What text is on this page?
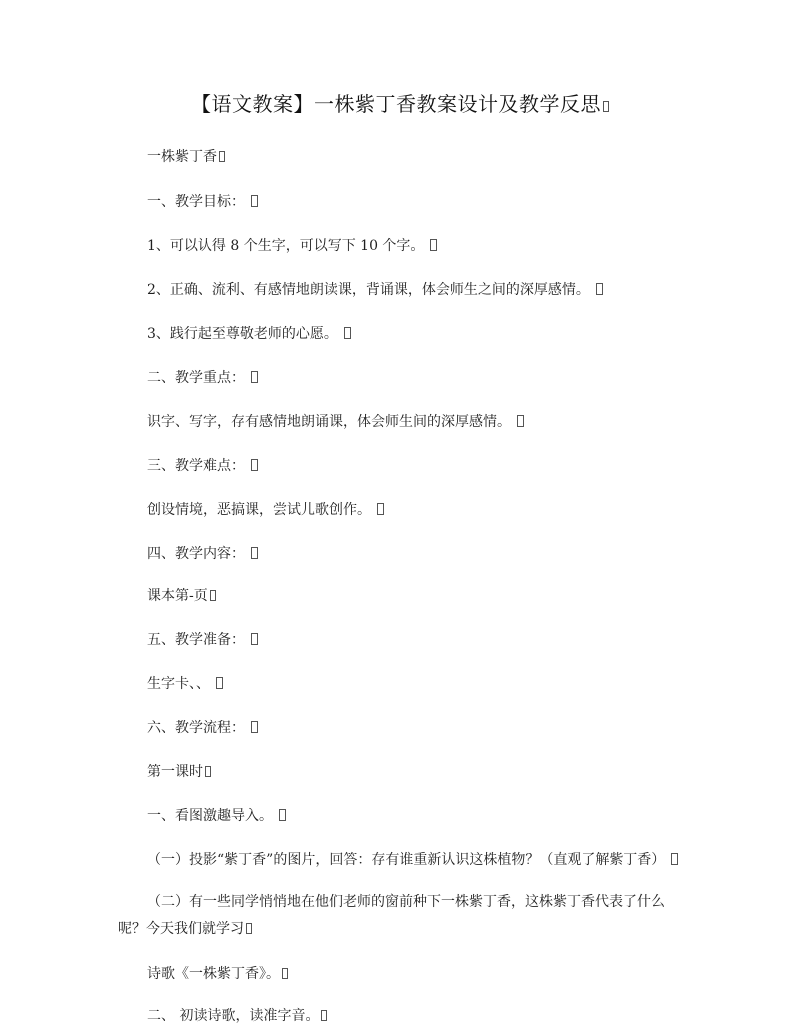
【语文教案】一株紫丁香教案设计及教学反思
一株紫丁香
一、教学目标：
1、可以认得 8 个生字，可以写下 10 个字。
2、正确、流利、有感情地朗读课，背诵课，体会师生之间的深厚感情。
3、践行起至尊敬老师的心愿。
二、教学重点：
识字、写字，存有感情地朗诵课，体会师生间的深厚感情。
三、教学难点：
创设情境，恶搞课，尝试儿歌创作。
四、教学内容：
课本第-页
五、教学准备：
生字卡、、
六、教学流程：
第一课时
一、看图激趣导入。
（一）投影“紫丁香”的图片，回答：存有谁重新认识这株植物？（直观了解紫丁香）
（二）有一些同学悄悄地在他们老师的窗前种下一株紫丁香，这株紫丁香代表了什么
呢？今天我们就学习
诗歌《一株紫丁香》。
二、 初读诗歌，读准字音。
